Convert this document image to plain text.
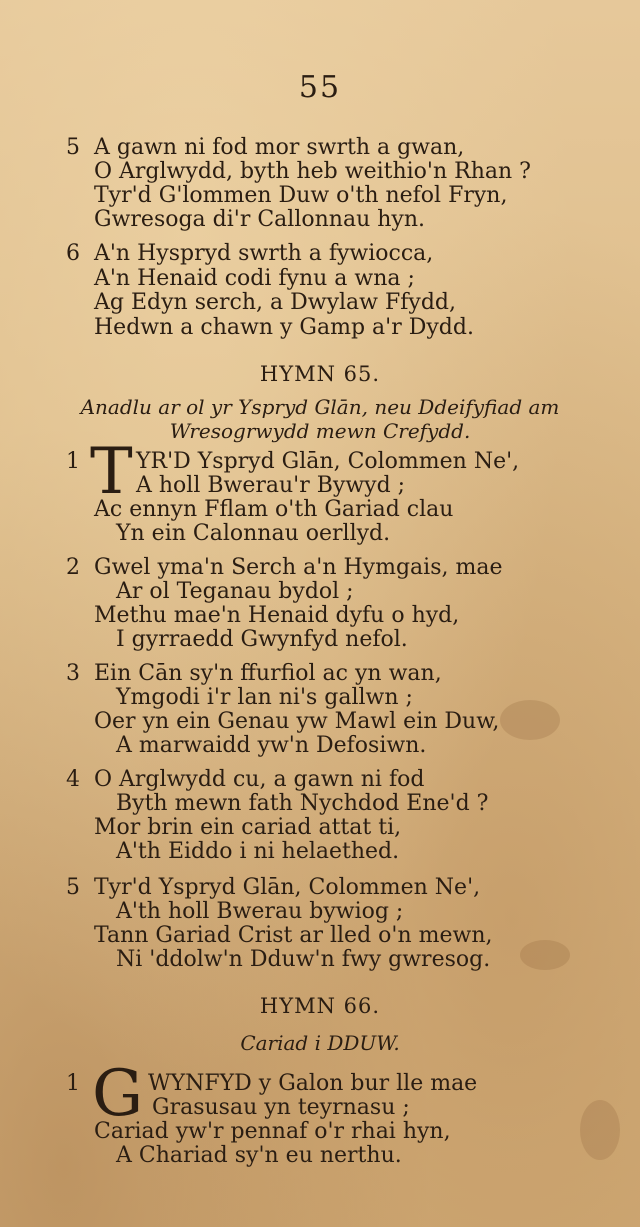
55
5 A gawn ni fod mor swrth a gwan,
O Arglwydd, byth heb weithio'n Rhan ?
Tyr'd G'lommen Duw o'th nefol Fryn,
Gwresoga di'r Callonnau hyn.
6 A'n Hyspryd swrth a fywiocca,
A'n Henaid codi fynu a wna ;
Ag Edyn serch, a Dwylaw Ffydd,
Hedwn a chawn y Gamp a'r Dydd.
HYMN 65.
Anadlu ar ol yr Yspryd Glān, neu Ddeifyfiad am
Wresogrwydd mewn Crefydd.
1 T YR'D Yspryd Glān, Colommen Ne',
A holl Bwerau'r Bywyd ;
Ac ennyn Fflam o'th Gariad clau
Yn ein Calonnau oerllyd.
2 Gwel yma'n Serch a'n Hymgais, mae
Ar ol Teganau bydol ;
Methu mae'n Henaid dyfu o hyd,
I gyrraedd Gwynfyd nefol.
3 Ein Cān sy'n ffurfiol ac yn wan,
Ymgodi i'r lan ni's gallwn ;
Oer yn ein Genau yw Mawl ein Duw,
A marwaidd yw'n Defosiwn.
4 O Arglwydd cu, a gawn ni fod
Byth mewn fath Nychdod Ene'd ?
Mor brin ein cariad attat ti,
A'th Eiddo i ni helaethed.
5 Tyr'd Yspryd Glān, Colommen Ne',
A'th holl Bwerau bywiog ;
Tann Gariad Crist ar lled o'n mewn,
Ni 'ddolw'n Dduw'n fwy gwresog.
HYMN 66.
Cariad i DDUW.
1 G WYNFYD y Galon bur lle mae
Grasusau yn teyrnasu ;
Cariad yw'r pennaf o'r rhai hyn,
A Chariad sy'n eu nerthu.
